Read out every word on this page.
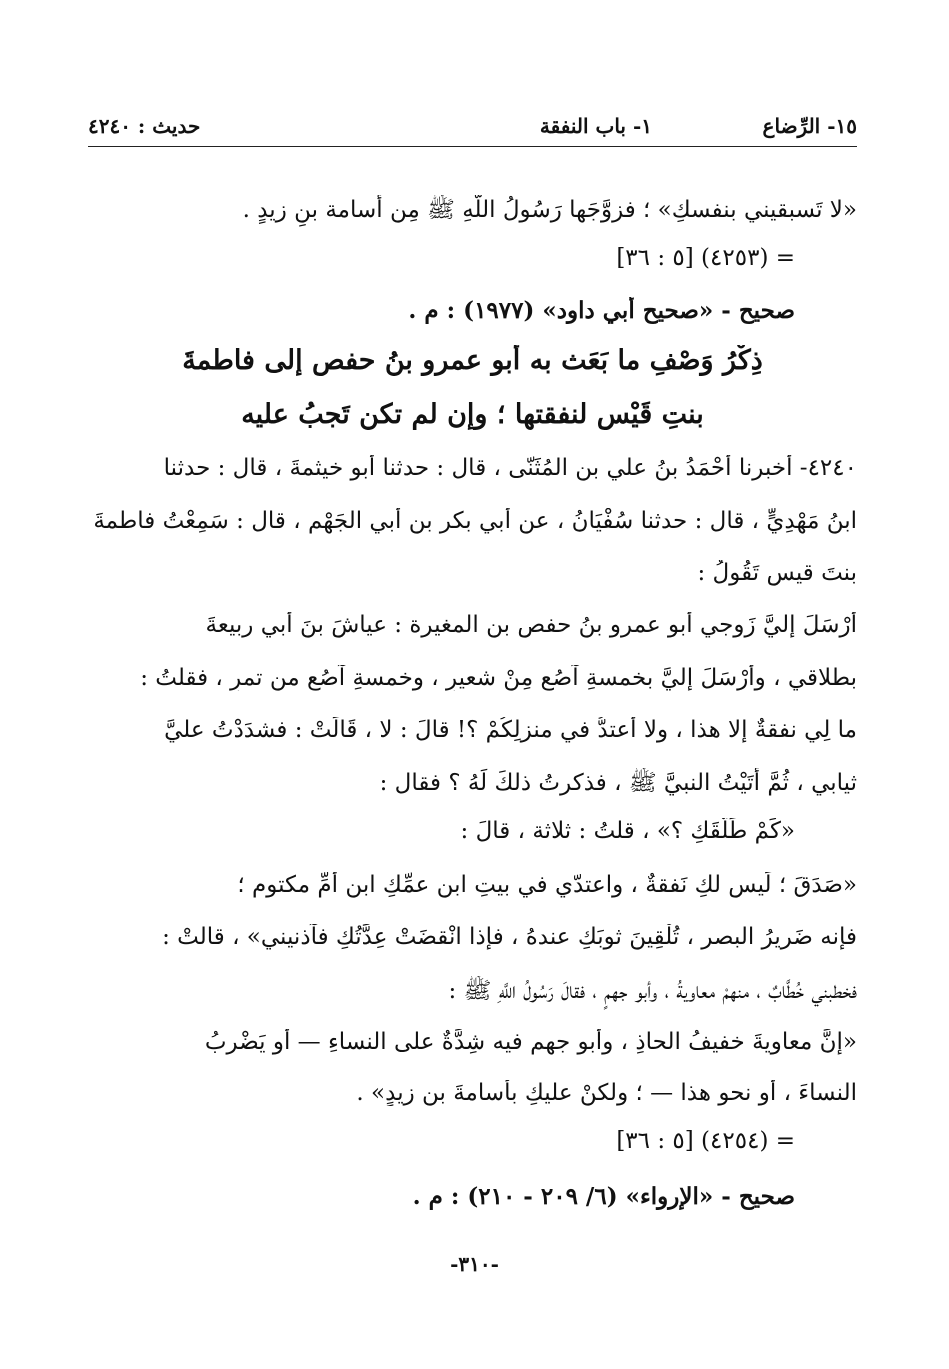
١٥- الرِّضاع
١- باب النفقة
حديث : ٤٢٤٠
«لا تَسبقيني بنفسكِ» ؛ فزوَّجَها رَسُولُ اللَّهِ ﷺ مِن أُسامة بنِ زيدٍ .
= (٤٢٥٣) [٥ : ٣٦]
صحيح - «صحيح أبي داود» (١٩٧٧) : م .
ذِكْرُ وَصْفِ ما بَعَث به أبو عمرو بنُ حفصٍ إلى فاطمةَ
بنتِ قَيْسٍ لنفقتها ؛ وإن لم تكن تَجبُ عليه
٤٢٤٠- أخبرنا أَحْمَدُ بنُ علي بن المُثَنّى ، قال : حدثنا أبو خيثمةَ ، قال : حدثنا
ابنُ مَهْدِيٍّ ، قال : حدثنا سُفْيَانُ ، عن أبي بكرِ بنِ أبي الجَهْمِ ، قال : سَمِعْتُ فاطمةَ
بنتَ قيس تَقُولُ :
أَرْسَلَ إليَّ زَوجي أبو عمرو بنُ حفصِ بنِ المغيرة : عياشَ بنَ أبي ربيعةَ
بطلاقي ، وأَرْسَلَ إليَّ بخمسةِ آصُعٍ مِنْ شعيرٍ ، وخمسةِ آصُعٍ من تمرٍ ، فقلتُ :
ما لِي نفقةٌ إلا هذا ، ولا أعتدُّ في منزلِكُمْ ؟! قالَ : لا ، قَالَتْ : فشدَدْتُ عليَّ
ثيابي ، ثُمَّ أَتَيْتُ النبيَّ ﷺ ، فذكرتُ ذلكَ لَهُ ؟ فقال :
«كَمْ طَلَّقَكِ ؟» ، قلتُ : ثلاثة ، قالَ :
«صَدَقَ ؛ لَيس لكِ نَفقةٌ ، واعتدّي في بيتِ ابنِ عمِّكِ ابنِ أُمِّ مكتوم ؛
فإنه ضَريرُ البصرِ ، تُلْقِينَ ثوبَكِ عندهُ ، فإذا انْقضَتْ عِدَّتُكِ فآذنيني» ، قالتْ :
فخطبني خُطَّابٌ ، منهمْ معاويةُ ، وأبو جهمٍ ، فقالَ رَسُولُ اللَّهِ ﷺ :
«إنَّ معاويةَ خفيفُ الحاذِ ، وأبو جهمٍ فيه شِدَّةٌ على النساءِ — أو يَضْرِبُ
النساءَ ، أو نحو هذا — ؛ ولكنْ عليكِ بأُسامةَ بنِ زيدٍ» .
= (٤٢٥٤) [٥ : ٣٦]
صحيح - «الإرواء» (٦/ ٢٠٩ - ٢١٠) : م .
-٣١٠-
